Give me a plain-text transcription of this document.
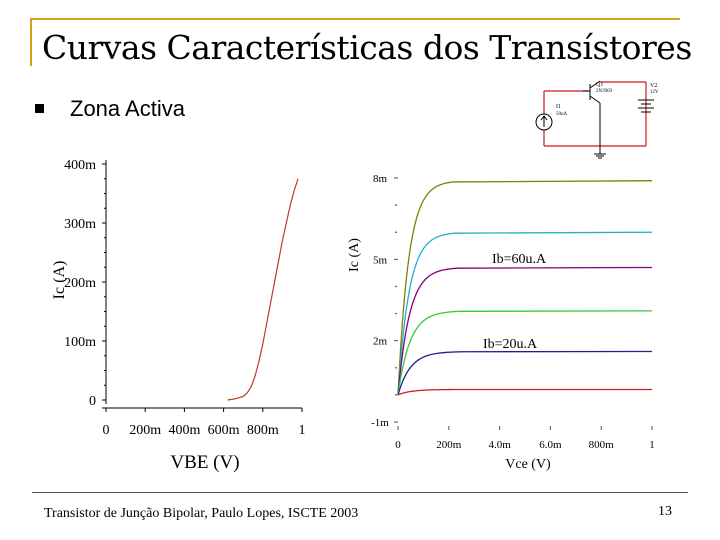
Curvas Características dos Transístores
Zona Activa
Q1
2N3903
I1
50uA
V2
12V
0
100m
200m
300m
400m
0 200m 400m 600m 800m 1
VBE (V)
Ic (A)
8m
5m
2m
-1m
0	200m 4.0m	6.0m 800m	1
Ic (A)
Vce (V)
Ib=60u.A
Ib=20u.A
Transistor de Junção Bipolar, Paulo Lopes, ISCTE 2003	13
